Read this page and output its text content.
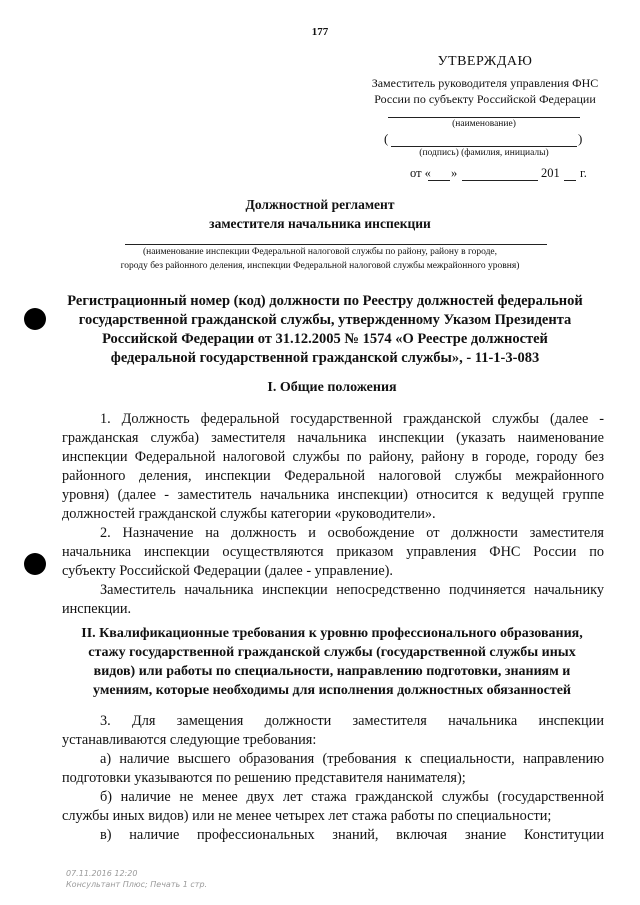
177
УТВЕРЖДАЮ
Заместитель руководителя управления ФНС
России по субъекту Российской Федерации
(наименование)
(	)
(подпись) (фамилия, инициалы)
от « »	201 г.
Должностной регламент
заместителя начальника инспекции
(наименование инспекции Федеральной налоговой службы по району, району в городе,
городу без районного деления, инспекции Федеральной налоговой службы межрайонного уровня)
Регистрационный номер (код) должности по Реестру должностей федеральной
государственной гражданской службы, утвержденному Указом Президента
Российской Федерации от 31.12.2005 № 1574 «О Реестре должностей
федеральной государственной гражданской службы», - 11-1-3-083
I. Общие положения
1. Должность федеральной государственной гражданской службы (далее -
гражданская служба) заместителя начальника инспекции (указать наименование
инспекции Федеральной налоговой службы по району, району в городе, городу без
районного деления, инспекции Федеральной налоговой службы межрайонного
уровня) (далее - заместитель начальника инспекции) относится к ведущей группе
должностей гражданской службы категории «руководители».
2. Назначение на должность и освобождение от должности заместителя
начальника инспекции осуществляются приказом управления ФНС России по
субъекту Российской Федерации (далее - управление).
Заместитель начальника инспекции непосредственно подчиняется начальнику
инспекции.
II. Квалификационные требования к уровню профессионального образования,
стажу государственной гражданской службы (государственной службы иных
видов) или работы по специальности, направлению подготовки, знаниям и
умениям, которые необходимы для исполнения должностных обязанностей
3. Для замещения должности заместителя начальника инспекции
устанавливаются следующие требования:
а) наличие высшего образования (требования к специальности, направлению
подготовки указываются по решению представителя нанимателя);
б) наличие не менее двух лет стажа гражданской службы (государственной
службы иных видов) или не менее четырех лет стажа работы по специальности;
в) наличие профессиональных знаний, включая знание Конституции
07.11.2016 12:20
Консультант Плюс; Печать 1 стр.
